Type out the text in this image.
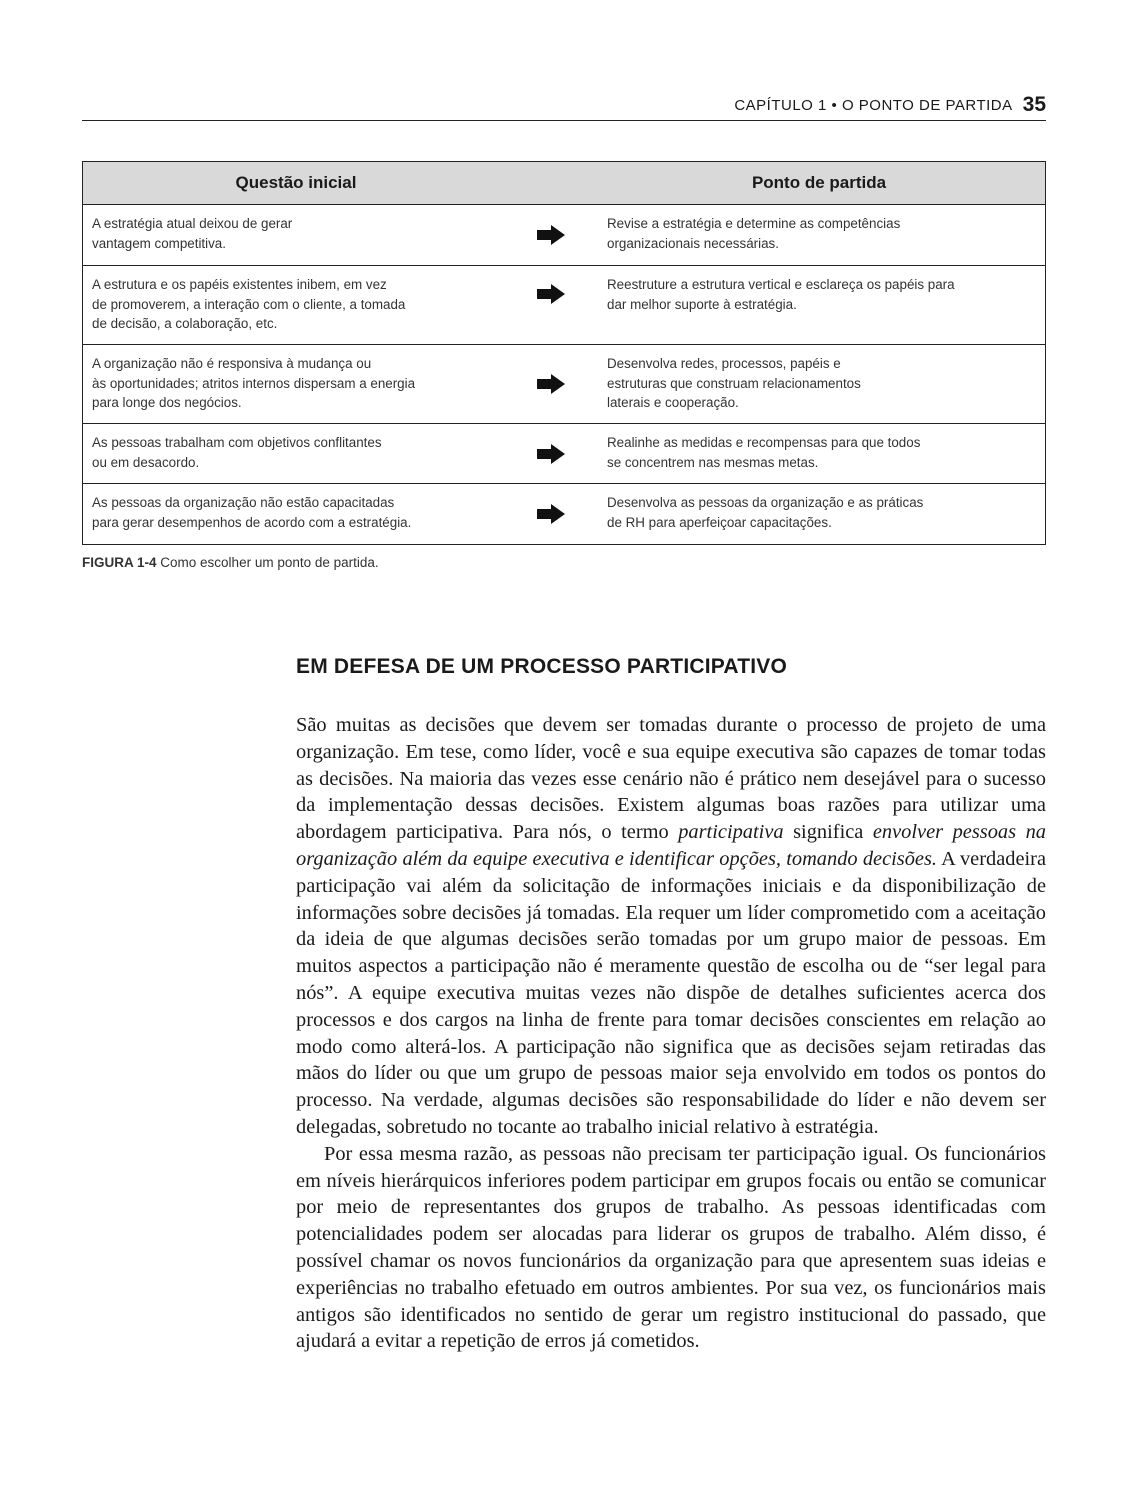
CAPÍTULO 1 • O PONTO DE PARTIDA 35
Questão inicial	Ponto de partida
A estratégia atual deixou de gerar
vantagem competitiva.
Revise a estratégia e determine as competências
organizacionais necessárias.
A estrutura e os papéis existentes inibem, em vez
de promoverem, a interação com o cliente, a tomada
de decisão, a colaboração, etc.
Reestruture a estrutura vertical e esclareça os papéis para
dar melhor suporte à estratégia.
A organização não é responsiva à mudança ou
às oportunidades; atritos internos dispersam a energia
para longe dos negócios.
Desenvolva redes, processos, papéis e
estruturas que construam relacionamentos
laterais e cooperação.
As pessoas trabalham com objetivos conflitantes
ou em desacordo.
Realinhe as medidas e recompensas para que todos
se concentrem nas mesmas metas.
As pessoas da organização não estão capacitadas
para gerar desempenhos de acordo com a estratégia.
Desenvolva as pessoas da organização e as práticas
de RH para aperfeiçoar capacitações.
FIGURA 1-4 Como escolher um ponto de partida.
EM DEFESA DE UM PROCESSO PARTICIPATIVO

São muitas as decisões que devem ser tomadas durante o processo de projeto de uma organização. Em tese, como líder, você e sua equipe executiva são capazes de tomar todas as decisões. Na maioria das vezes esse cenário não é prático nem desejável para o sucesso da implementação dessas decisões. Existem algumas boas razões para utilizar uma abordagem participativa. Para nós, o termo participativa significa envolver pessoas na organização além da equipe executiva e identificar opções, tomando decisões. A verdadeira participação vai além da solicitação de informações iniciais e da disponibilização de informações sobre decisões já tomadas. Ela requer um líder comprometido com a aceitação da ideia de que algumas decisões serão tomadas por um grupo maior de pessoas. Em muitos aspectos a participação não é meramente questão de escolha ou de “ser legal para nós”. A equipe executiva muitas vezes não dispõe de detalhes suficientes acerca dos processos e dos cargos na linha de frente para tomar decisões conscientes em relação ao modo como alterá-los. A participação não significa que as decisões sejam retiradas das mãos do líder ou que um grupo de pessoas maior seja envolvido em todos os pontos do processo. Na verdade, algumas decisões são responsabilidade do líder e não devem ser delegadas, sobretudo no tocante ao trabalho inicial relativo à estratégia.

Por essa mesma razão, as pessoas não precisam ter participação igual. Os funcionários em níveis hierárquicos inferiores podem participar em grupos focais ou então se comunicar por meio de representantes dos grupos de trabalho. As pessoas identificadas com potencialidades podem ser alocadas para liderar os grupos de trabalho. Além disso, é possível chamar os novos funcionários da organização para que apresentem suas ideias e experiências no trabalho efetuado em outros ambientes. Por sua vez, os funcionários mais antigos são identificados no sentido de gerar um registro institucional do passado, que ajudará a evitar a repetição de erros já cometidos.
